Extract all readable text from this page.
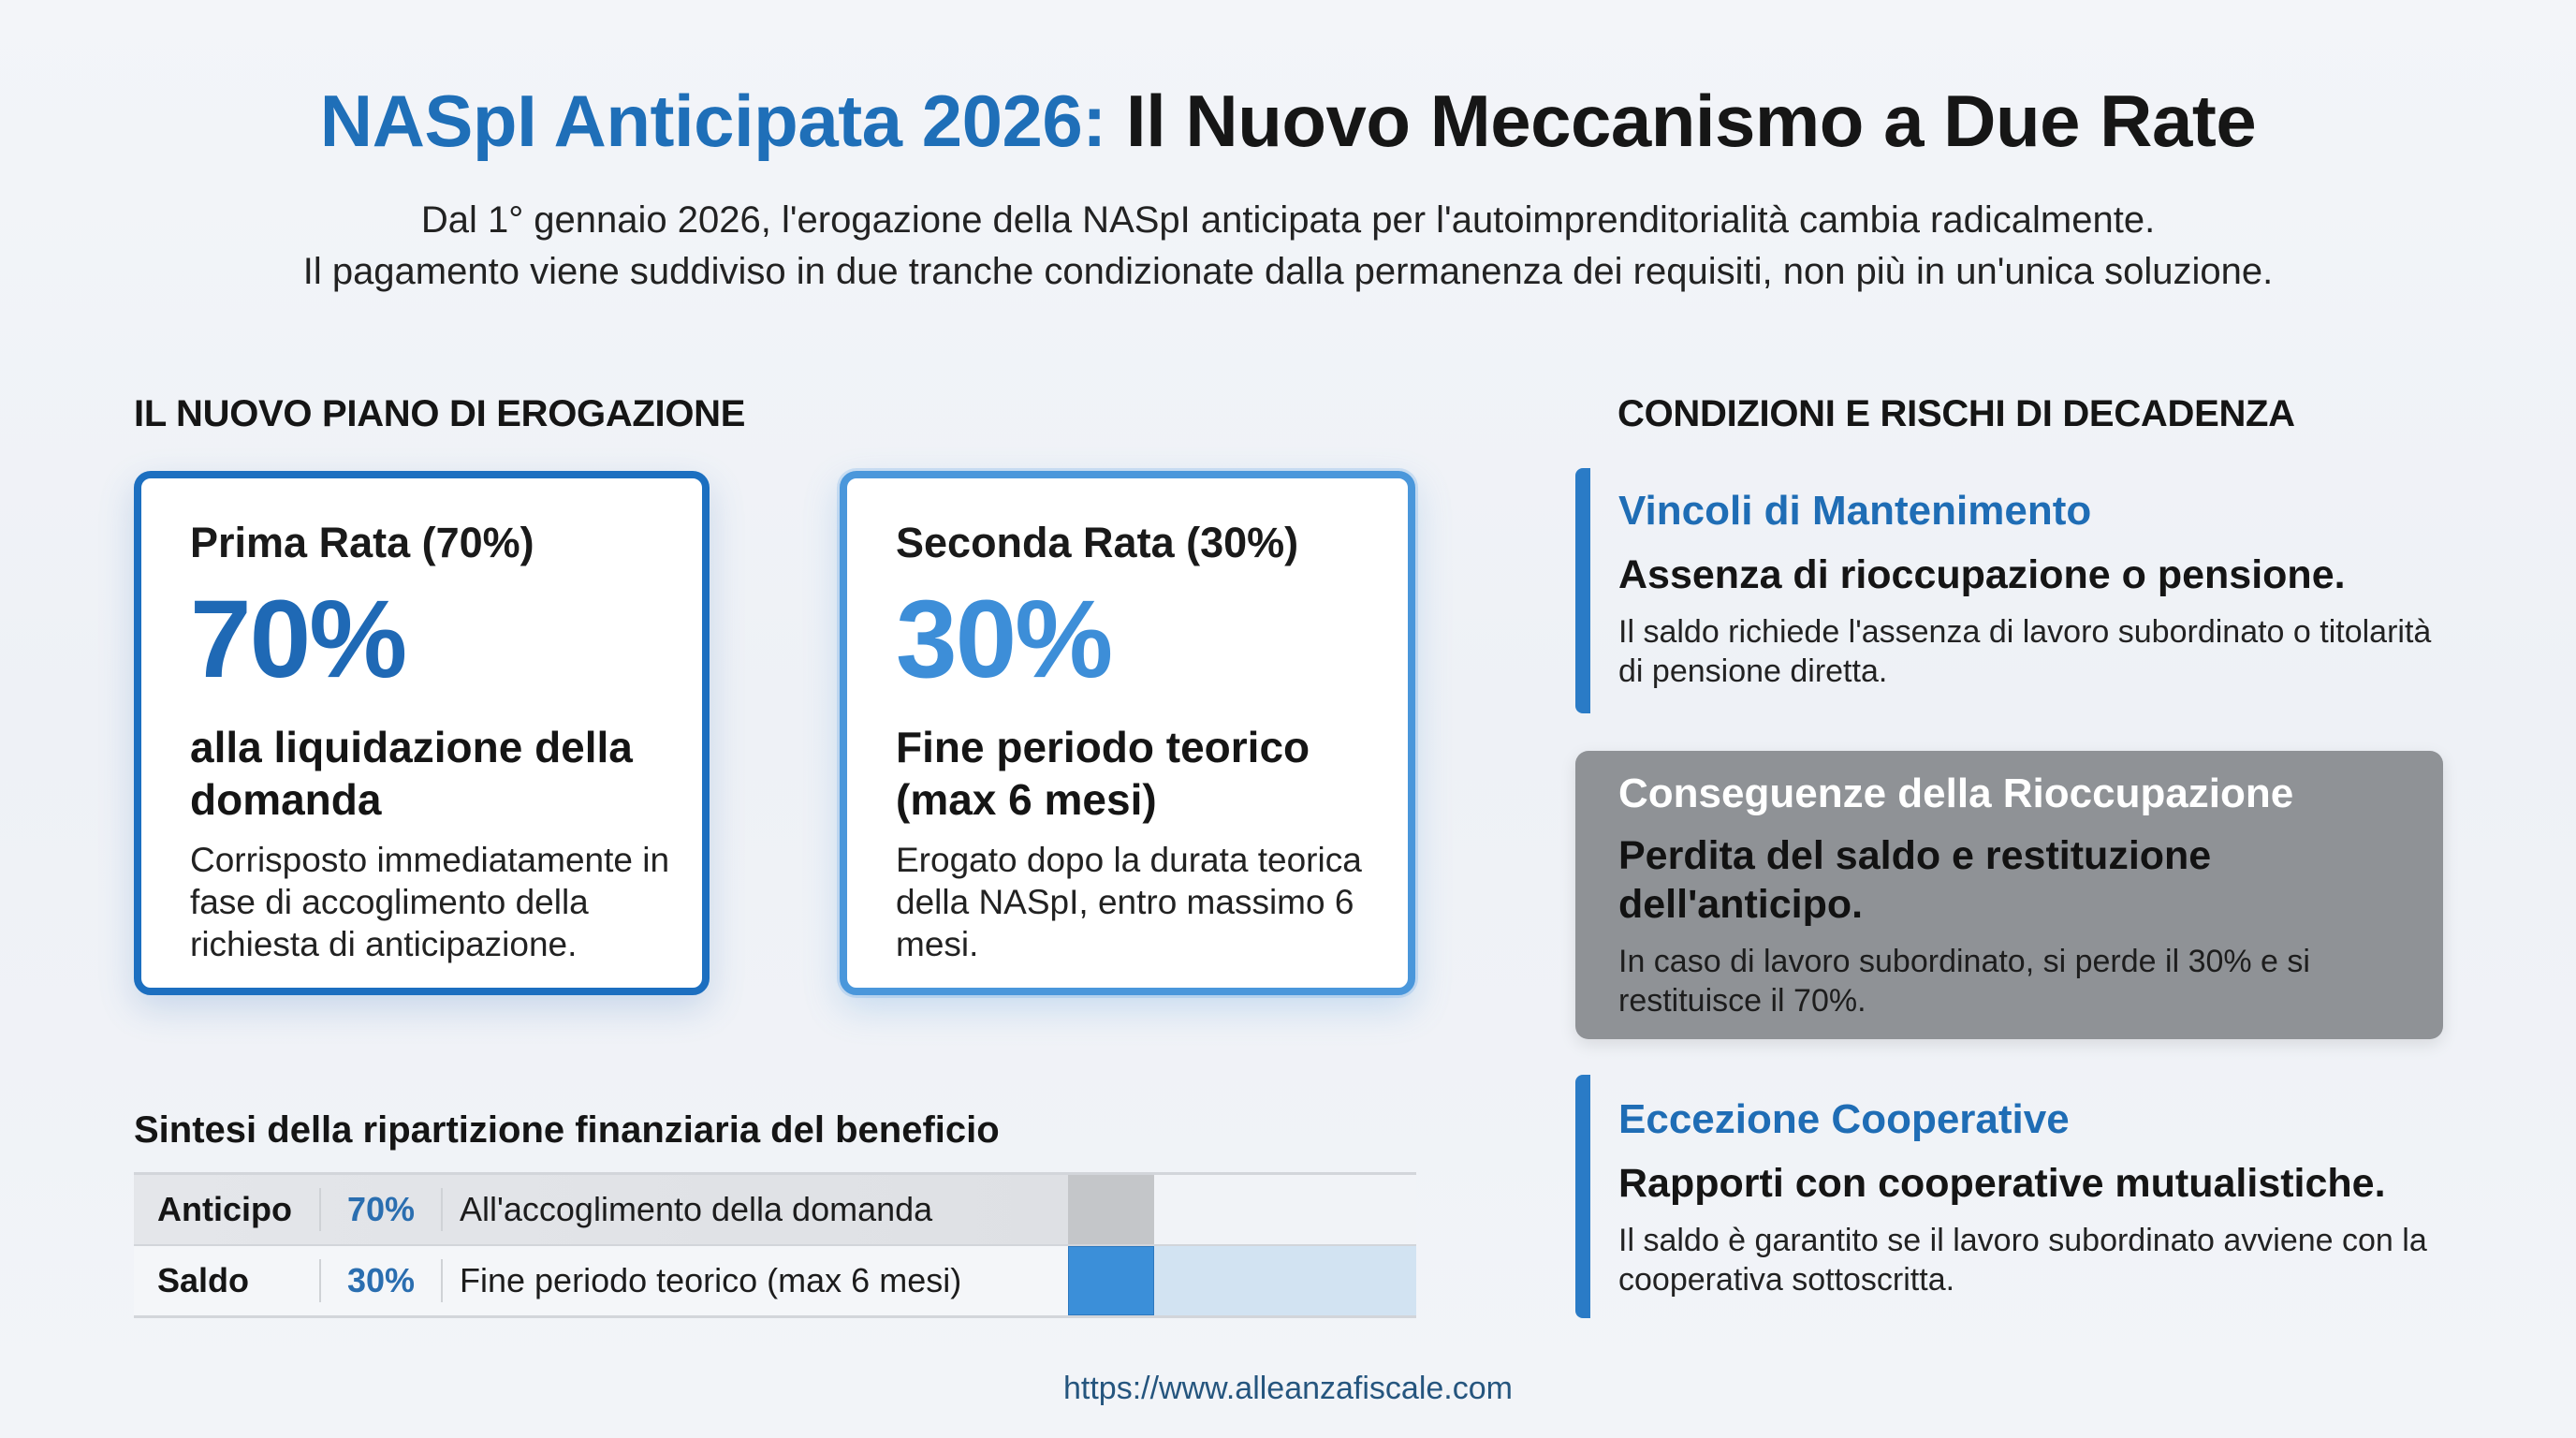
NASpI Anticipata 2026: Il Nuovo Meccanismo a Due Rate
Dal 1° gennaio 2026, l'erogazione della NASpI anticipata per l'autoimprenditorialità cambia radicalmente.
Il pagamento viene suddiviso in due tranche condizionate dalla permanenza dei requisiti, non più in un'unica soluzione.
IL NUOVO PIANO DI EROGAZIONE
Prima Rata (70%)
70%
alla liquidazione della domanda
Corrisposto immediatamente in fase di accoglimento della richiesta di anticipazione.
Seconda Rata (30%)
30%
Fine periodo teorico (max 6 mesi)
Erogato dopo la durata teorica della NASpI, entro massimo 6 mesi.
Sintesi della ripartizione finanziaria del beneficio
Anticipo	70%	All'accoglimento della domanda
Saldo	30%	Fine periodo teorico (max 6 mesi)
CONDIZIONI E RISCHI DI DECADENZA
Vincoli di Mantenimento
Assenza di rioccupazione o pensione.
Il saldo richiede l'assenza di lavoro subordinato o titolarità di pensione diretta.
Conseguenze della Rioccupazione
Perdita del saldo e restituzione dell'anticipo.
In caso di lavoro subordinato, si perde il 30% e si restituisce il 70%.
Eccezione Cooperative
Rapporti con cooperative mutualistiche.
Il saldo è garantito se il lavoro subordinato avviene con la cooperativa sottoscritta.
https://www.alleanzafiscale.com
